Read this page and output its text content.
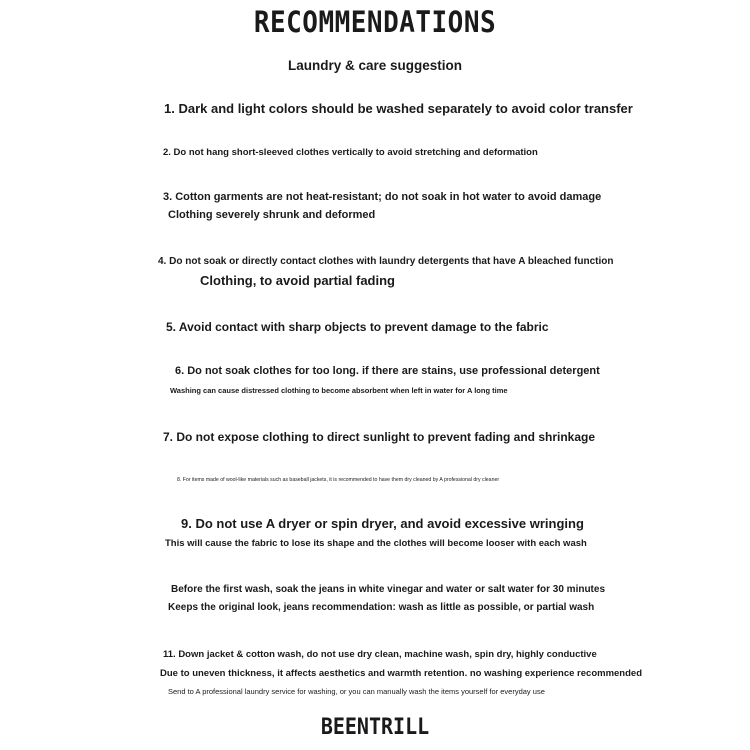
RECOMMENDATIONS
Laundry & care suggestion
1. Dark and light colors should be washed separately to avoid color transfer
2. Do not hang short-sleeved clothes vertically to avoid stretching and deformation
3. Cotton garments are not heat-resistant; do not soak in hot water to avoid damage
Clothing severely shrunk and deformed
4. Do not soak or directly contact clothes with laundry detergents that have A bleached function
Clothing, to avoid partial fading
5. Avoid contact with sharp objects to prevent damage to the fabric
6. Do not soak clothes for too long. if there are stains, use professional detergent
Washing can cause distressed clothing to become absorbent when left in water for A long time
7. Do not expose clothing to direct sunlight to prevent fading and shrinkage
8. For items made of wool-like materials such as baseball jackets, it is recommended to have them dry cleaned by A professional dry cleaner
9. Do not use A dryer or spin dryer, and avoid excessive wringing
This will cause the fabric to lose its shape and the clothes will become looser with each wash
Before the first wash, soak the jeans in white vinegar and water or salt water for 30 minutes
Keeps the original look, jeans recommendation: wash as little as possible, or partial wash
11. Down jacket & cotton wash, do not use dry clean, machine wash, spin dry, highly conductive
Due to uneven thickness, it affects aesthetics and warmth retention. no washing experience recommended
Send to A professional laundry service for washing, or you can manually wash the items yourself for everyday use
BEENTRILL
